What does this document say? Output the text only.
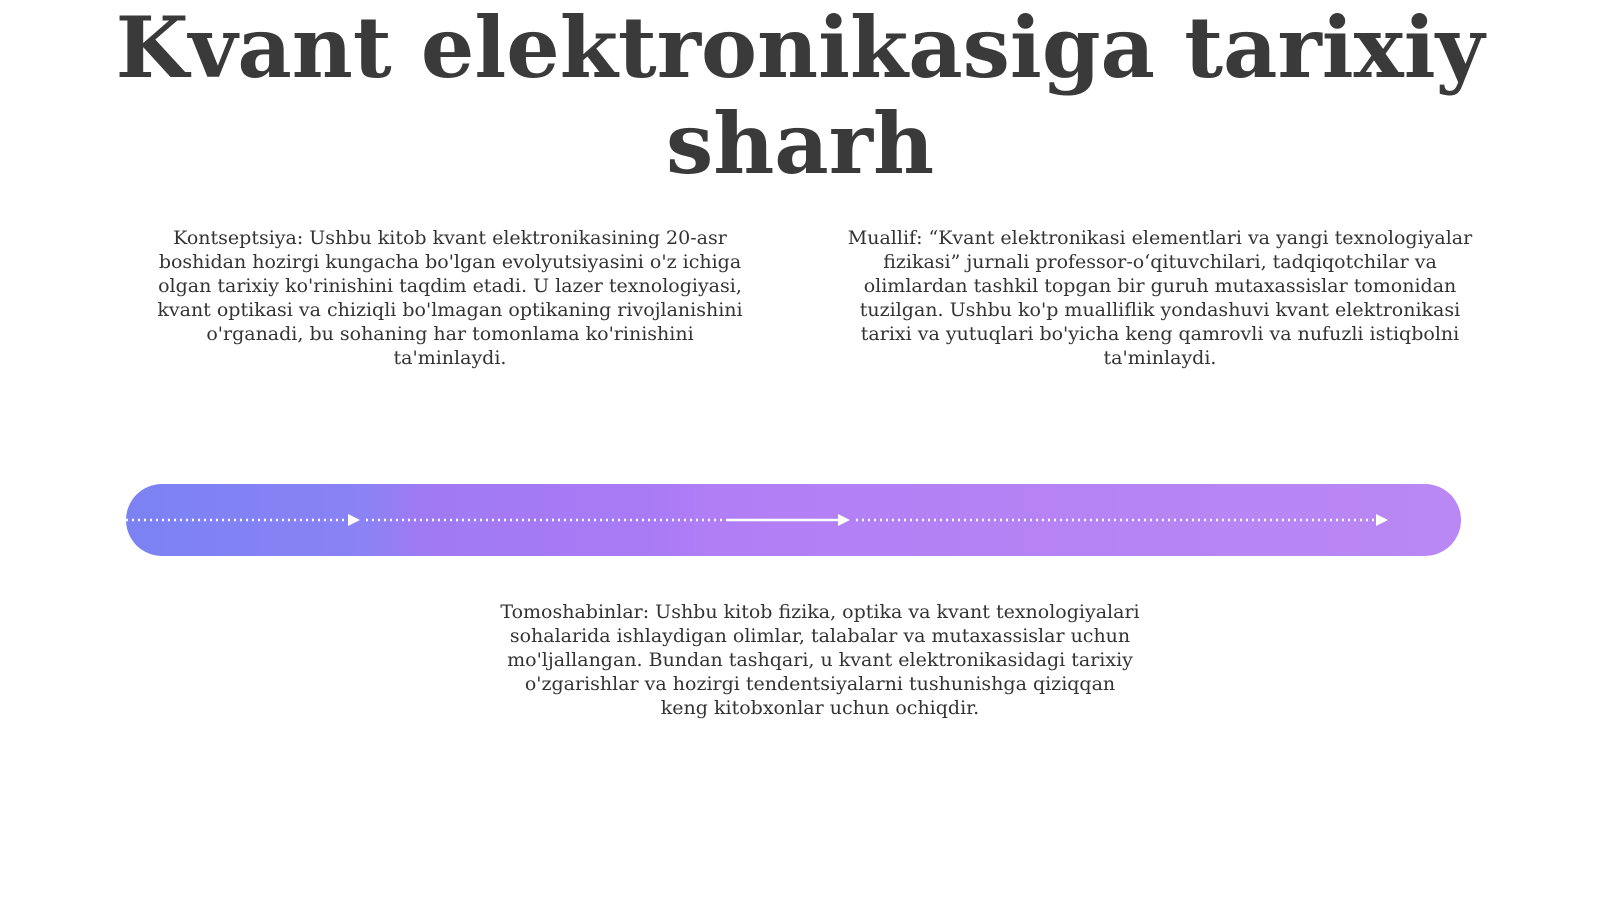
Kvant elektronikasiga tarixiy sharh

Kontseptsiya: Ushbu kitob kvant elektronikasining 20-asr boshidan hozirgi kungacha bo'lgan evolyutsiyasini o'z ichiga olgan tarixiy ko'rinishini taqdim etadi. U lazer texnologiyasi, kvant optikasi va chiziqli bo'lmagan optikaning rivojlanishini o'rganadi, bu sohaning har tomonlama ko'rinishini ta'minlaydi.

Muallif: “Kvant elektronikasi elementlari va yangi texnologiyalar fizikasi” jurnali professor-o‘qituvchilari, tadqiqotchilar va olimlardan tashkil topgan bir guruh mutaxassislar tomonidan tuzilgan. Ushbu ko'p mualliflik yondashuvi kvant elektronikasi tarixi va yutuqlari bo'yicha keng qamrovli va nufuzli istiqbolni ta'minlaydi.

Tomoshabinlar: Ushbu kitob fizika, optika va kvant texnologiyalari sohalarida ishlaydigan olimlar, talabalar va mutaxassislar uchun mo'ljallangan. Bundan tashqari, u kvant elektronikasidagi tarixiy o'zgarishlar va hozirgi tendentsiyalarni tushunishga qiziqqan keng kitobxonlar uchun ochiqdir.
